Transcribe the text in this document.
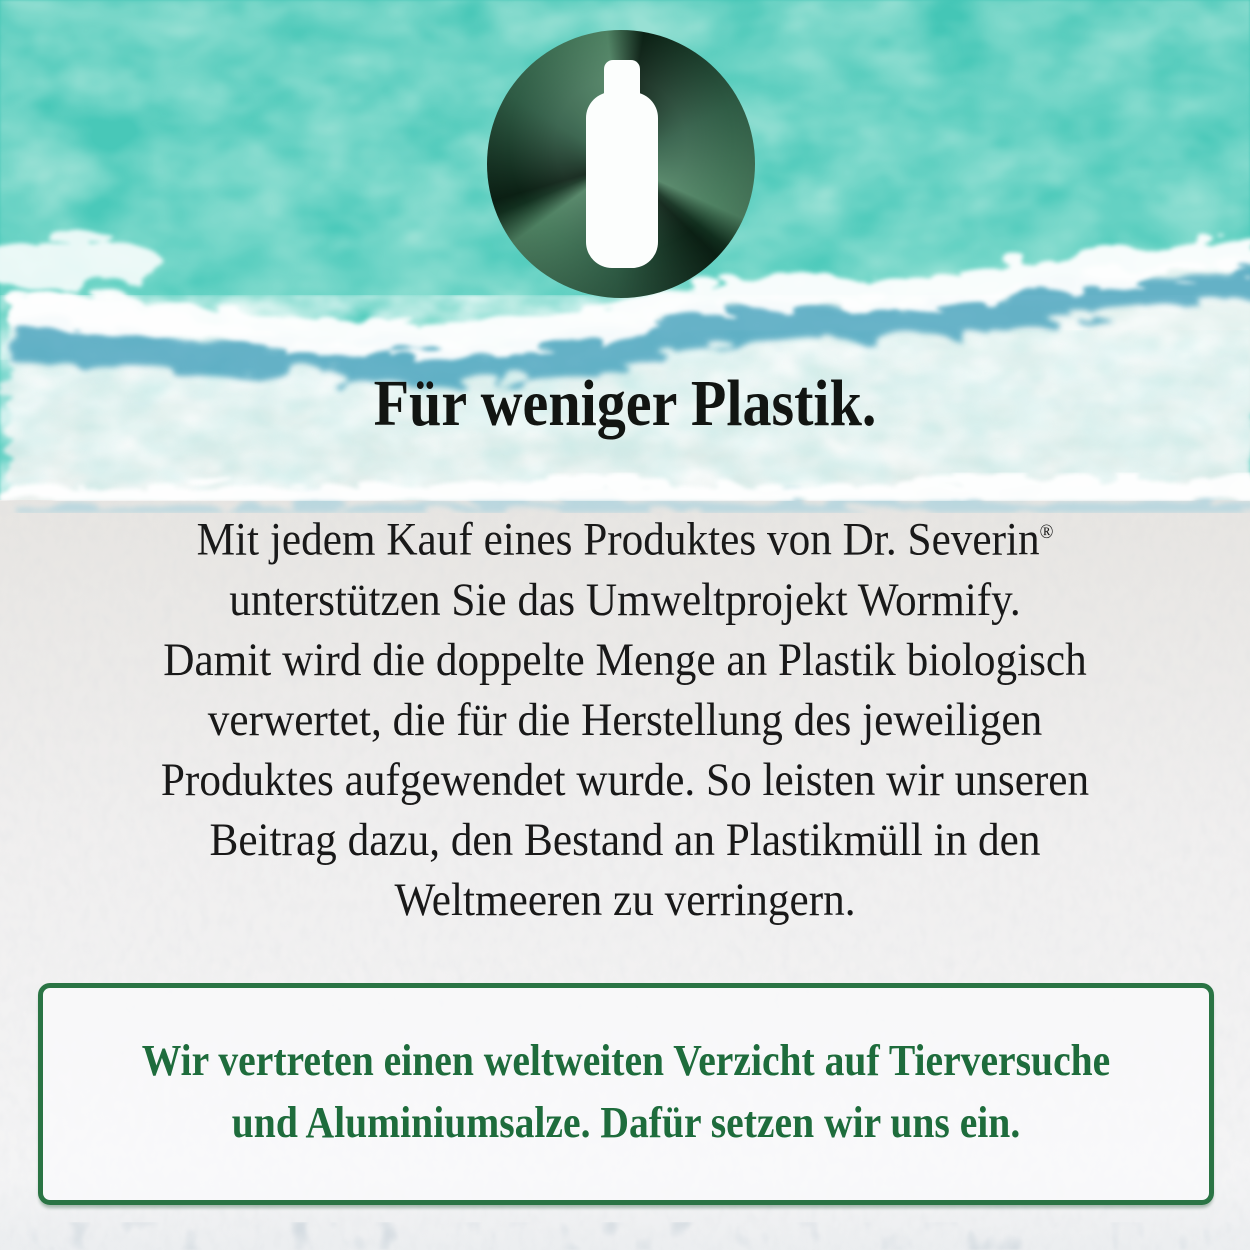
Für weniger Plastik.
Mit jedem Kauf eines Produktes von Dr. Severin®
unterstützen Sie das Umweltprojekt Wormify.
Damit wird die doppelte Menge an Plastik biologisch
verwertet, die für die Herstellung des jeweiligen
Produktes aufgewendet wurde. So leisten wir unseren
Beitrag dazu, den Bestand an Plastikmüll in den
Weltmeeren zu verringern.
Wir vertreten einen weltweiten Verzicht auf Tierversuche
und Aluminiumsalze. Dafür setzen wir uns ein.
